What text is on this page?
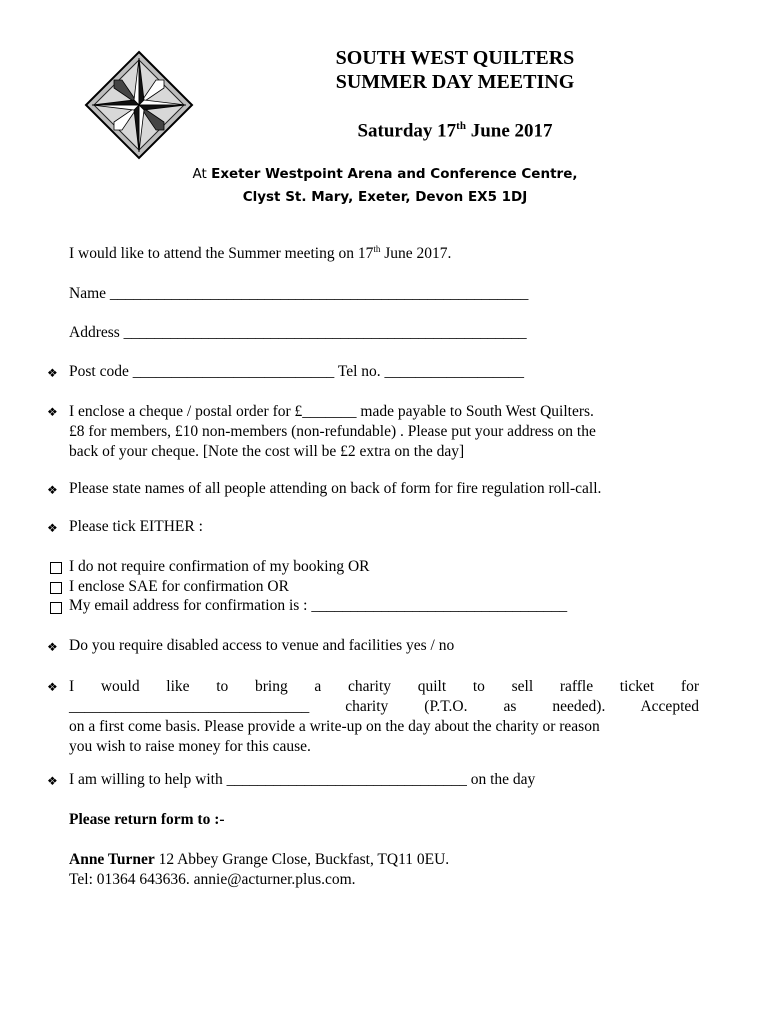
SOUTH WEST QUILTERS
SUMMER DAY MEETING
Saturday 17th June 2017
At Exeter Westpoint Arena and Conference Centre,
Clyst St. Mary, Exeter, Devon EX5 1DJ
I would like to attend the Summer meeting on 17th June 2017.
Name ______________________________________________________
Address ____________________________________________________
❖ Post code __________________________ Tel no. __________________
❖ I enclose a cheque / postal order for £_______ made payable to South West Quilters.
£8 for members, £10 non-members (non-refundable) . Please put your address on the
back of your cheque. [Note the cost will be £2 extra on the day]
❖ Please state names of all people attending on back of form for fire regulation roll-call.
❖ Please tick EITHER :
I do not require confirmation of my booking OR
I enclose SAE for confirmation OR
My email address for confirmation is : _________________________________
❖ Do you require disabled access to venue and facilities yes / no
❖ I would like to bring a charity quilt to sell raffle ticket for
_______________________________ charity (P.T.O. as needed). Accepted
on a first come basis. Please provide a write-up on the day about the charity or reason
you wish to raise money for this cause.
❖ I am willing to help with _______________________________ on the day
Please return form to :-
Anne Turner 12 Abbey Grange Close, Buckfast, TQ11 0EU.
Tel: 01364 643636. annie@acturner.plus.com.
